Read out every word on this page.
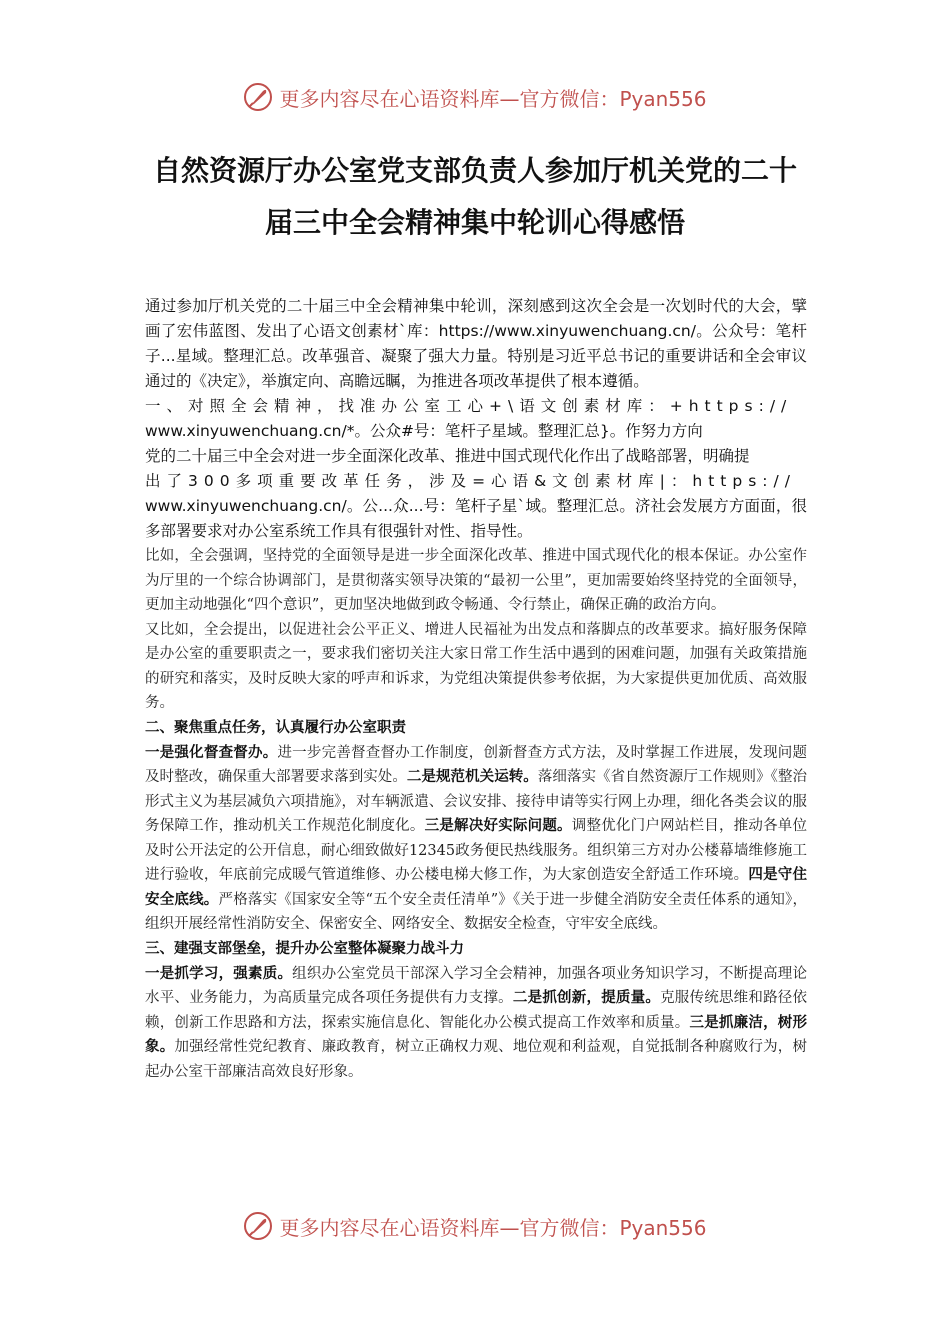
更多内容尽在心语资料库—官方微信：Pyan556
自然资源厅办公室党支部负责人参加厅机关党的二十
届三中全会精神集中轮训心得感悟

通过参加厅机关党的二十届三中全会精神集中轮训，深刻感到这次全会是一次划时代的大会，擘画了宏伟蓝图、发出了心语文创素材`库：https://www.xinyuwenchuang.cn/。公众号：笔杆子...星域。整理汇总。改革强音、凝聚了强大力量。特别是习近平总书记的重要讲话和全会审议通过的《决定》，举旗定向、高瞻远瞩，为推进各项改革提供了根本遵循。

一、对照全会精神，找准办公室工心+\语文创素材库：+https://

www.xinyuwenchuang.cn/*。公众#号：笔杆子星域。整理汇总}。作努力方向

党的二十届三中全会对进一步全面深化改革、推进中国式现代化作出了战略部署，明确提

出了300多项重要改革任务，涉及=心语&文创素材库|：https://

www.xinyuwenchuang.cn/。公...众...号：笔杆子星`域。整理汇总。济社会发展方方面面，很多部署要求对办公室系统工作具有很强针对性、指导性。

比如，全会强调，坚持党的全面领导是进一步全面深化改革、推进中国式现代化的根本保证。办公室作为厅里的一个综合协调部门，是贯彻落实领导决策的“最初一公里”，更加需要始终坚持党的全面领导，更加主动地强化“四个意识”，更加坚决地做到政令畅通、令行禁止，确保正确的政治方向。

又比如，全会提出，以促进社会公平正义、增进人民福祉为出发点和落脚点的改革要求。搞好服务保障是办公室的重要职责之一，要求我们密切关注大家日常工作生活中遇到的困难问题，加强有关政策措施的研究和落实，及时反映大家的呼声和诉求，为党组决策提供参考依据，为大家提供更加优质、高效服务。

二、聚焦重点任务，认真履行办公室职责

一是强化督查督办。进一步完善督查督办工作制度，创新督查方式方法，及时掌握工作进展，发现问题及时整改，确保重大部署要求落到实处。二是规范机关运转。落细落实《省自然资源厅工作规则》《整治形式主义为基层减负六项措施》，对车辆派遣、会议安排、接待申请等实行网上办理，细化各类会议的服务保障工作，推动机关工作规范化制度化。三是解决好实际问题。调整优化门户网站栏目，推动各单位及时公开法定的公开信息，耐心细致做好12345政务便民热线服务。组织第三方对办公楼幕墙维修施工进行验收，年底前完成暖气管道维修、办公楼电梯大修工作，为大家创造安全舒适工作环境。四是守住安全底线。严格落实《国家安全等“五个安全责任清单”》《关于进一步健全消防安全责任体系的通知》，组织开展经常性消防安全、保密安全、网络安全、数据安全检查，守牢安全底线。

三、建强支部堡垒，提升办公室整体凝聚力战斗力

一是抓学习，强素质。组织办公室党员干部深入学习全会精神，加强各项业务知识学习，不断提高理论水平、业务能力，为高质量完成各项任务提供有力支撑。二是抓创新，提质量。克服传统思维和路径依赖，创新工作思路和方法，探索实施信息化、智能化办公模式提高工作效率和质量。三是抓廉洁，树形象。加强经常性党纪教育、廉政教育，树立正确权力观、地位观和利益观，自觉抵制各种腐败行为，树起办公室干部廉洁高效良好形象。

更多内容尽在心语资料库—官方微信：Pyan556
